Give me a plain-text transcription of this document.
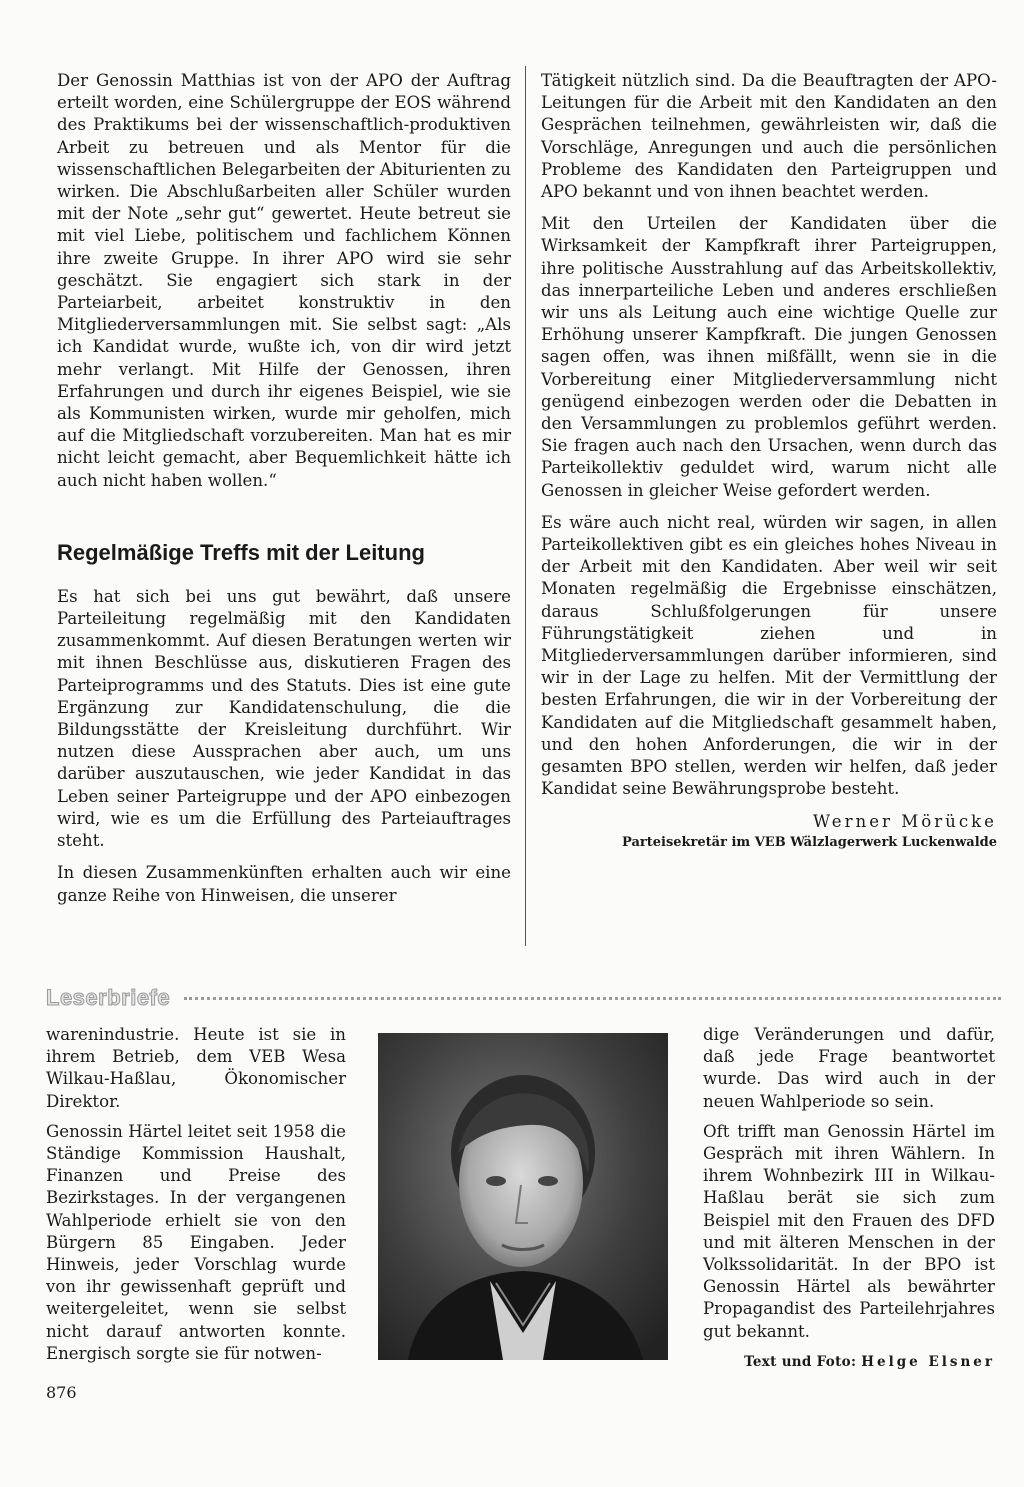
Der Genossin Matthias ist von der APO der Auftrag erteilt worden, eine Schülergruppe der EOS während des Praktikums bei der wissenschaftlich-produktiven Arbeit zu betreuen und als Mentor für die wissenschaftlichen Belegarbeiten der Abiturienten zu wirken. Die Abschlußarbeiten aller Schüler wurden mit der Note „sehr gut“ gewertet. Heute betreut sie mit viel Liebe, politischem und fachlichem Können ihre zweite Gruppe. In ihrer APO wird sie sehr geschätzt. Sie engagiert sich stark in der Parteiarbeit, arbeitet konstruktiv in den Mitgliederversammlungen mit. Sie selbst sagt: „Als ich Kandidat wurde, wußte ich, von dir wird jetzt mehr verlangt. Mit Hilfe der Genossen, ihren Erfahrungen und durch ihr eigenes Beispiel, wie sie als Kommunisten wirken, wurde mir geholfen, mich auf die Mitgliedschaft vorzubereiten. Man hat es mir nicht leicht gemacht, aber Bequemlichkeit hätte ich auch nicht haben wollen.“

Regelmäßige Treffs mit der Leitung

Es hat sich bei uns gut bewährt, daß unsere Parteileitung regelmäßig mit den Kandidaten zusammenkommt. Auf diesen Beratungen werten wir mit ihnen Beschlüsse aus, diskutieren Fragen des Parteiprogramms und des Statuts. Dies ist eine gute Ergänzung zur Kandidatenschulung, die die Bildungsstätte der Kreisleitung durchführt. Wir nutzen diese Aussprachen aber auch, um uns darüber auszutauschen, wie jeder Kandidat in das Leben seiner Parteigruppe und der APO einbezogen wird, wie es um die Erfüllung des Parteiauftrages steht.

In diesen Zusammenkünften erhalten auch wir eine ganze Reihe von Hinweisen, die unserer

Tätigkeit nützlich sind. Da die Beauftragten der APO-Leitungen für die Arbeit mit den Kandidaten an den Gesprächen teilnehmen, gewährleisten wir, daß die Vorschläge, Anregungen und auch die persönlichen Probleme des Kandidaten den Parteigruppen und APO bekannt und von ihnen beachtet werden.

Mit den Urteilen der Kandidaten über die Wirksamkeit der Kampfkraft ihrer Parteigruppen, ihre politische Ausstrahlung auf das Arbeitskollektiv, das innerparteiliche Leben und anderes erschließen wir uns als Leitung auch eine wichtige Quelle zur Erhöhung unserer Kampfkraft. Die jungen Genossen sagen offen, was ihnen mißfällt, wenn sie in die Vorbereitung einer Mitgliederversammlung nicht genügend einbezogen werden oder die Debatten in den Versammlungen zu problemlos geführt werden. Sie fragen auch nach den Ursachen, wenn durch das Parteikollektiv geduldet wird, warum nicht alle Genossen in gleicher Weise gefordert werden.

Es wäre auch nicht real, würden wir sagen, in allen Parteikollektiven gibt es ein gleiches hohes Niveau in der Arbeit mit den Kandidaten. Aber weil wir seit Monaten regelmäßig die Ergebnisse einschätzen, daraus Schlußfolgerungen für unsere Führungstätigkeit ziehen und in Mitgliederversammlungen darüber informieren, sind wir in der Lage zu helfen. Mit der Vermittlung der besten Erfahrungen, die wir in der Vorbereitung der Kandidaten auf die Mitgliedschaft gesammelt haben, und den hohen Anforderungen, die wir in der gesamten BPO stellen, werden wir helfen, daß jeder Kandidat seine Bewährungsprobe besteht.

Werner Mörücke
Parteisekretär im VEB Wälzlagerwerk Luckenwalde
Leserbriefe

warenindustrie. Heute ist sie in ihrem Betrieb, dem VEB Wesa Wilkau-Haßlau, Ökonomischer Direktor.

Genossin Härtel leitet seit 1958 die Ständige Kommission Haushalt, Finanzen und Preise des Bezirkstages. In der vergangenen Wahlperiode erhielt sie von den Bürgern 85 Eingaben. Jeder Hinweis, jeder Vorschlag wurde von ihr gewissenhaft geprüft und weitergeleitet, wenn sie selbst nicht darauf antworten konnte. Energisch sorgte sie für notwen-

dige Veränderungen und dafür, daß jede Frage beantwortet wurde. Das wird auch in der neuen Wahlperiode so sein.

Oft trifft man Genossin Härtel im Gespräch mit ihren Wählern. In ihrem Wohnbezirk III in Wilkau-Haßlau berät sie sich zum Beispiel mit den Frauen des DFD und mit älteren Menschen in der Volkssolidarität. In der BPO ist Genossin Härtel als bewährter Propagandist des Parteilehrjahres gut bekannt.

Text und Foto: Helge Elsner
876
